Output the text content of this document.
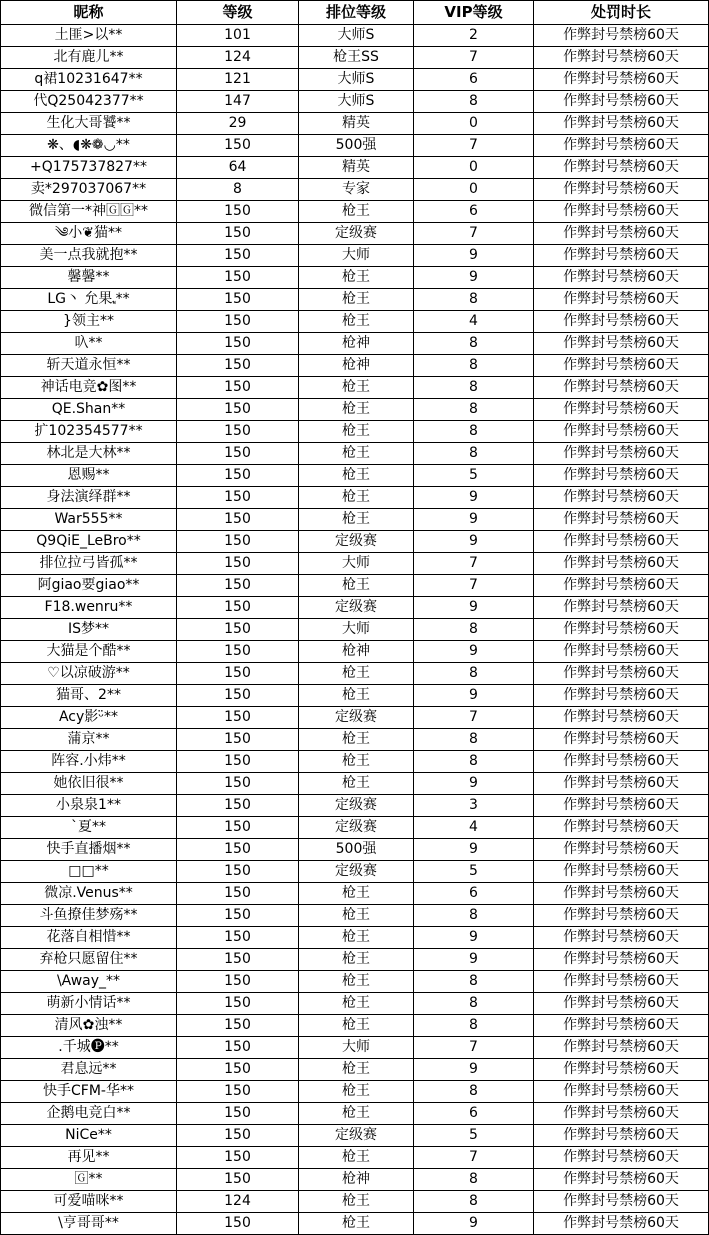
昵称	等级	排位等级	VIP等级	处罚时长
土匪>以**	101	大师S	2	作弊封号禁榜60天
北有鹿儿**	124	枪王SS	7	作弊封号禁榜60天
q裙10231647**	121	大师S	6	作弊封号禁榜60天
代Q25042377**	147	大师S	8	作弊封号禁榜60天
生化大哥饕**	29	精英	0	作弊封号禁榜60天
❋、◖❋❁◡**	150	500强	7	作弊封号禁榜60天
+Q175737827**	64	精英	0	作弊封号禁榜60天
卖*297037067**	8	专家	0	作弊封号禁榜60天
微信第一*神🄶🄶**	150	枪王	6	作弊封号禁榜60天
༄小❦猫**	150	定级赛	7	作弊封号禁榜60天
美一点我就抱**	150	大师	9	作弊封号禁榜60天
馨馨**	150	枪王	9	作弊封号禁榜60天
LG丶 允果ᤫ**	150	枪王	8	作弊封号禁榜60天
}领主**	150	枪王	4	作弊封号禁榜60天
叺**	150	枪神	8	作弊封号禁榜60天
斩天道永恒**	150	枪神	8	作弊封号禁榜60天
神话电竞✿图**	150	枪王	8	作弊封号禁榜60天
QE.Shan**	150	枪王	8	作弊封号禁榜60天
扩102354577**	150	枪王	8	作弊封号禁榜60天
林北是大林**	150	枪王	8	作弊封号禁榜60天
恩赐**	150	枪王	5	作弊封号禁榜60天
身法演绎群**	150	枪王	9	作弊封号禁榜60天
War555**	150	枪王	9	作弊封号禁榜60天
Q9QiE_LeBro**	150	定级赛	9	作弊封号禁榜60天
排位拉弓皆孤**	150	大师	7	作弊封号禁榜60天
阿giao要giao**	150	枪王	7	作弊封号禁榜60天
F18.wenru**	150	定级赛	9	作弊封号禁榜60天
IS梦**	150	大师	8	作弊封号禁榜60天
大猫是个酷**	150	枪神	9	作弊封号禁榜60天
♡以凉破游**	150	枪王	8	作弊封号禁榜60天
猫哥、2**	150	枪王	9	作弊封号禁榜60天
Acy影ᵕ̈**	150	定级赛	7	作弊封号禁榜60天
蒲京**	150	枪王	8	作弊封号禁榜60天
阵容.小炜**	150	枪王	8	作弊封号禁榜60天
她依旧很**	150	枪王	9	作弊封号禁榜60天
小泉泉1**	150	定级赛	3	作弊封号禁榜60天
`夏**	150	定级赛	4	作弊封号禁榜60天
快手直播烟**	150	500强	9	作弊封号禁榜60天
□□**	150	定级赛	5	作弊封号禁榜60天
微凉.Venus**	150	枪王	6	作弊封号禁榜60天
斗鱼撩佳梦殇**	150	枪王	8	作弊封号禁榜60天
花落自相惜**	150	枪王	9	作弊封号禁榜60天
弃枪只愿留住**	150	枪王	9	作弊封号禁榜60天
\Away_**	150	枪王	8	作弊封号禁榜60天
萌新小情话**	150	枪王	8	作弊封号禁榜60天
清风✿浊**	150	枪王	8	作弊封号禁榜60天
.千城🅟**	150	大师	7	作弊封号禁榜60天
君息远**	150	枪王	9	作弊封号禁榜60天
快手CFM-华**	150	枪王	8	作弊封号禁榜60天
企鹅电竞白**	150	枪王	6	作弊封号禁榜60天
NiCe**	150	定级赛	5	作弊封号禁榜60天
再见**	150	枪王	7	作弊封号禁榜60天
🄶**	150	枪神	8	作弊封号禁榜60天
可爱喵咪**	124	枪王	8	作弊封号禁榜60天
\亨哥哥**	150	枪王	9	作弊封号禁榜60天
